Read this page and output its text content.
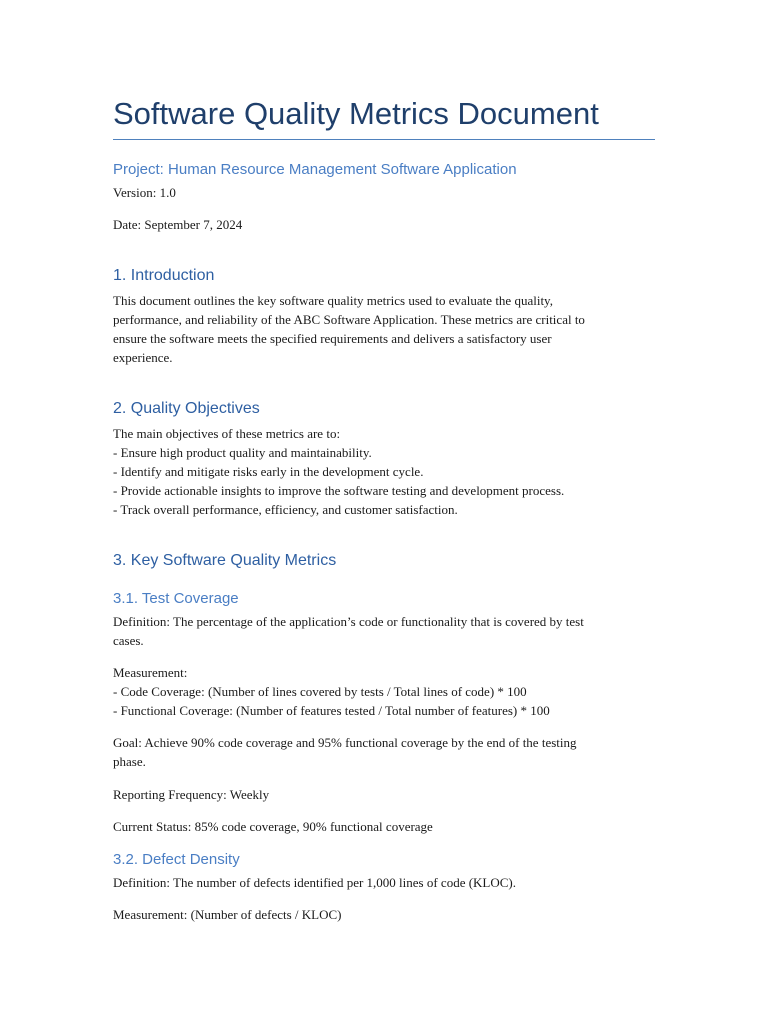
Software Quality Metrics Document
Project: Human Resource Management Software Application

Version: 1.0

Date: September 7, 2024

1. Introduction
This document outlines the key software quality metrics used to evaluate the quality,
performance, and reliability of the ABC Software Application. These metrics are critical to
ensure the software meets the specified requirements and delivers a satisfactory user
experience.
2. Quality Objectives
The main objectives of these metrics are to:
- Ensure high product quality and maintainability.
- Identify and mitigate risks early in the development cycle.
- Provide actionable insights to improve the software testing and development process.
- Track overall performance, efficiency, and customer satisfaction.
3. Key Software Quality Metrics
3.1. Test Coverage
Definition: The percentage of the application’s code or functionality that is covered by test
cases.
Measurement:
- Code Coverage: (Number of lines covered by tests / Total lines of code) * 100
- Functional Coverage: (Number of features tested / Total number of features) * 100
Goal: Achieve 90% code coverage and 95% functional coverage by the end of the testing
phase.

Reporting Frequency: Weekly

Current Status: 85% code coverage, 90% functional coverage

3.2. Defect Density

Definition: The number of defects identified per 1,000 lines of code (KLOC).

Measurement: (Number of defects / KLOC)
